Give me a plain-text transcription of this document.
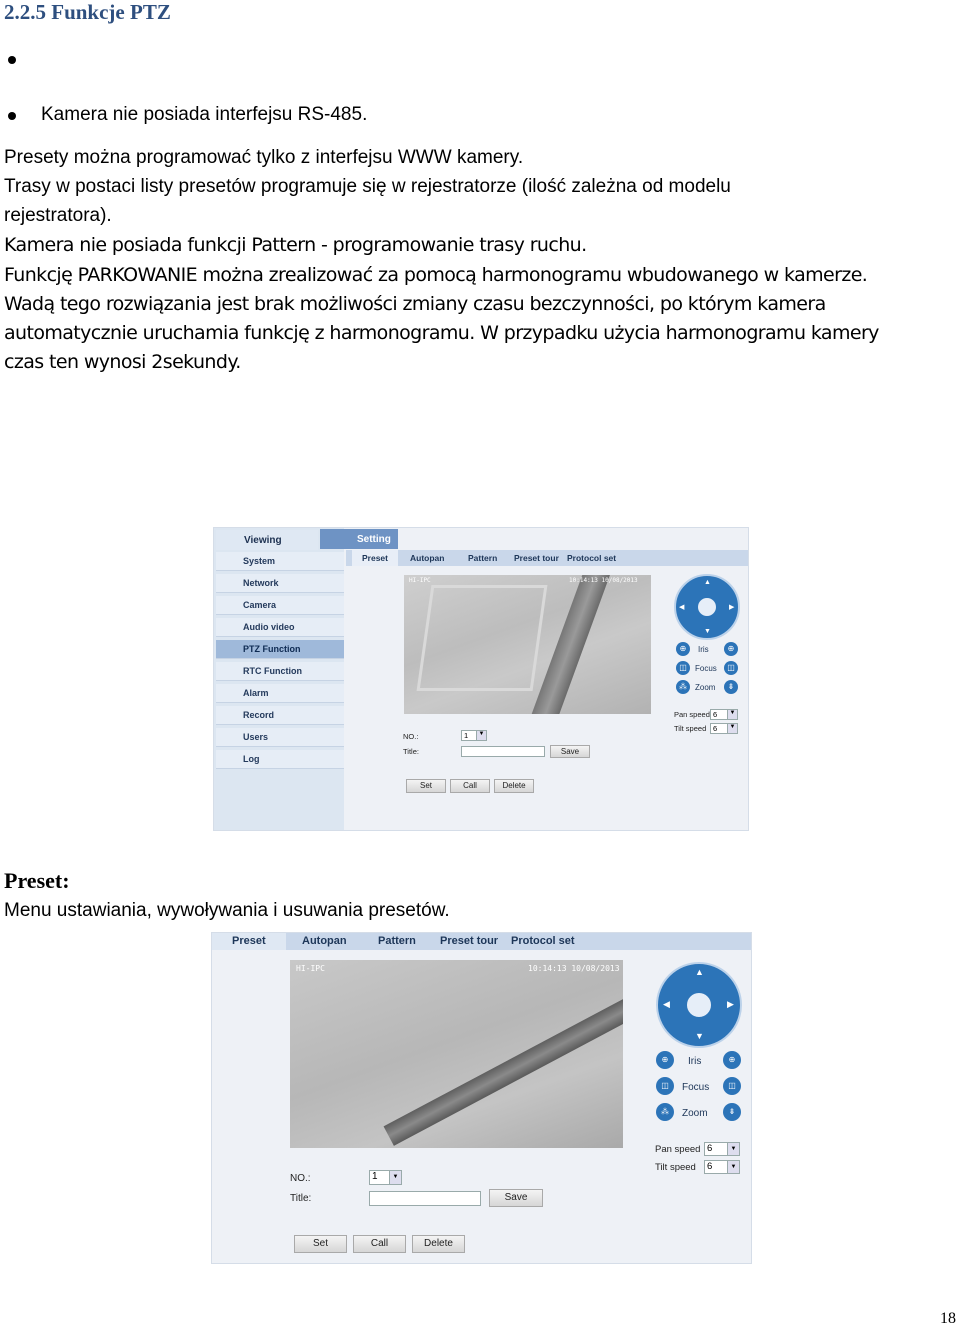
2.2.5 Funkcje PTZ
Kamera nie posiada interfejsu RS-485.
Presety można programować tylko z interfejsu WWW kamery.
Trasy w postaci listy presetów programuje się w rejestratorze (ilość zależna od modelu
rejestratora).
Kamera nie posiada funkcji Pattern - programowanie trasy ruchu.
Funkcję PARKOWANIE można zrealizować za pomocą harmonogramu wbudowanego w kamerze.
Wadą tego rozwiązania jest brak możliwości zmiany czasu bezczynności, po którym kamera
automatycznie uruchamia funkcję z harmonogramu. W przypadku użycia harmonogramu kamery
czas ten wynosi 2sekundy.
Viewing
System
Network
Camera
Audio video
PTZ Function
RTC Function
Alarm
Record
Users
Log
Setting
Preset	Autopan	Pattern Preset tour Protocol set
HI-IPC	10:14:13 10/08/2013	▲
▼
◀	▶
⊕	Iris	⊕
◫	Focus	◫
⁂	Zoom	⇟
Pan speed 6	▼
Tilt speed 6	▼
NO.:	1	▼
Title:	Save
Set	Call	Delete
Preset:
Menu ustawiania, wywoływania i usuwania presetów.
Preset	Autopan	Pattern Preset tour Protocol set
HI-IPC	10:14:13 10/08/2013	▲
▼
◀	▶
⊕	Iris	⊕
◫	Focus	◫
⁂	Zoom	⇟
Pan speed 6	▼
Tilt speed	6	▼
NO.:	1	▼
Title:	Save
Set	Call	Delete
18
